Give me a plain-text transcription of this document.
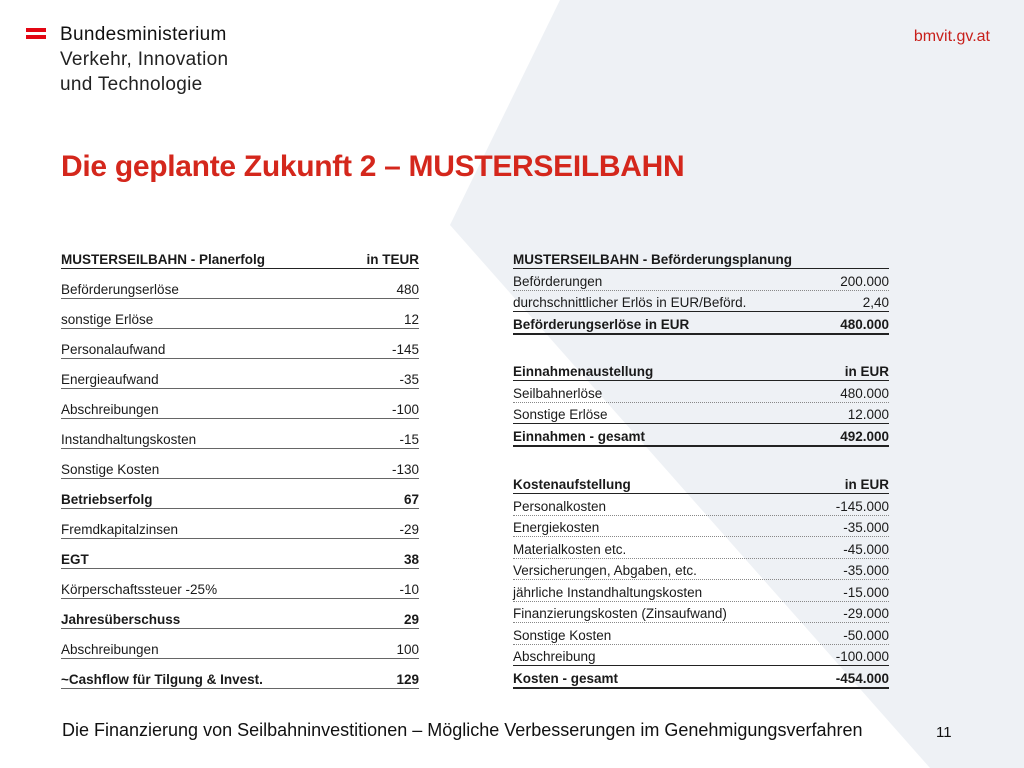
Bundesministerium
Verkehr, Innovation
und Technologie
bmvit.gv.at
Die geplante Zukunft 2 – MUSTERSEILBAHN
MUSTERSEILBAHN - Planerfolg	in TEUR
Beförderungserlöse	480
sonstige Erlöse	12
Personalaufwand	-145
Energieaufwand	-35
Abschreibungen	-100
Instandhaltungskosten	-15
Sonstige Kosten	-130
Betriebserfolg	67
Fremdkapitalzinsen	-29
EGT	38
Körperschaftssteuer -25%	-10
Jahresüberschuss	29
Abschreibungen	100
~Cashflow für Tilgung & Invest.	129
MUSTERSEILBAHN - Beförderungsplanung
Beförderungen	200.000
durchschnittlicher Erlös in EUR/Beförd.	2,40
Beförderungserlöse in EUR	480.000
Einnahmenaustellung	in EUR
Seilbahnerlöse	480.000
Sonstige Erlöse	12.000
Einnahmen - gesamt	492.000
Kostenaufstellung	in EUR
Personalkosten	-145.000
Energiekosten	-35.000
Materialkosten etc.	-45.000
Versicherungen, Abgaben, etc.	-35.000
jährliche Instandhaltungskosten	-15.000
Finanzierungskosten (Zinsaufwand)	-29.000
Sonstige Kosten	-50.000
Abschreibung	-100.000
Kosten - gesamt	-454.000
Die Finanzierung von Seilbahninvestitionen – Mögliche Verbesserungen im Genehmigungsverfahren	11
